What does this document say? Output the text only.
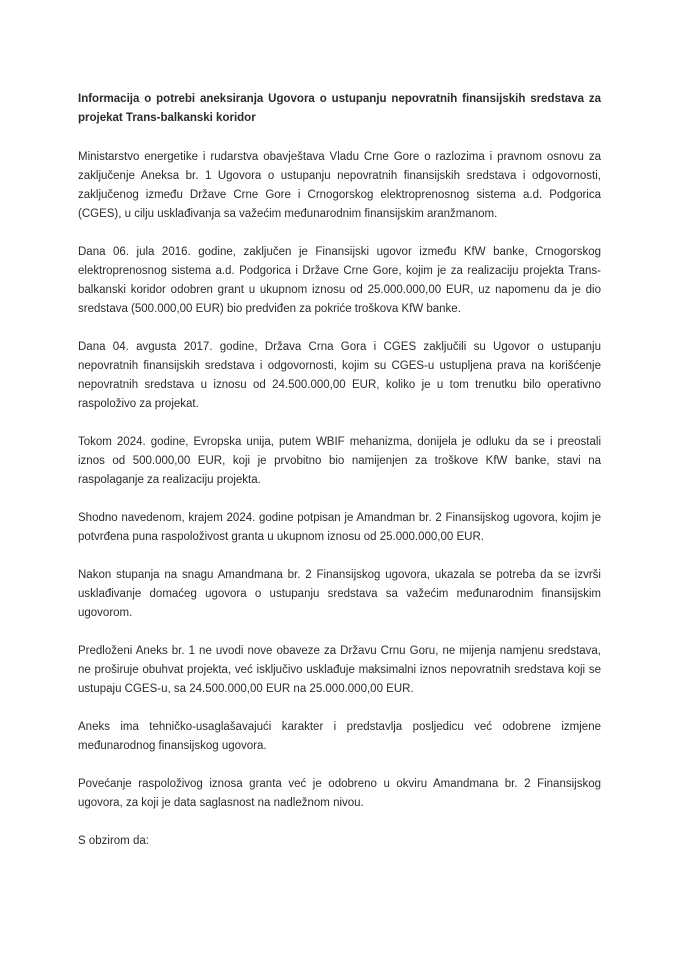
Informacija o potrebi aneksiranja Ugovora o ustupanju nepovratnih finansijskih sredstava za projekat Trans-balkanski koridor

Ministarstvo energetike i rudarstva obavještava Vladu Crne Gore o razlozima i pravnom osnovu za zaključenje Aneksa br. 1 Ugovora o ustupanju nepovratnih finansijskih sredstava i odgovornosti, zaključenog između Države Crne Gore i Crnogorskog elektroprenosnog sistema a.d. Podgorica (CGES), u cilju usklađivanja sa važećim međunarodnim finansijskim aranžmanom.

Dana 06. jula 2016. godine, zaključen je Finansijski ugovor između KfW banke, Crnogorskog elektroprenosnog sistema a.d. Podgorica i Države Crne Gore, kojim je za realizaciju projekta Trans-balkanski koridor odobren grant u ukupnom iznosu od 25.000.000,00 EUR, uz napomenu da je dio sredstava (500.000,00 EUR) bio predviđen za pokriće troškova KfW banke.

Dana 04. avgusta 2017. godine, Država Crna Gora i CGES zaključili su Ugovor o ustupanju nepovratnih finansijskih sredstava i odgovornosti, kojim su CGES-u ustupljena prava na korišćenje nepovratnih sredstava u iznosu od 24.500.000,00 EUR, koliko je u tom trenutku bilo operativno raspoloživo za projekat.

Tokom 2024. godine, Evropska unija, putem WBIF mehanizma, donijela je odluku da se i preostali iznos od 500.000,00 EUR, koji je prvobitno bio namijenjen za troškove KfW banke, stavi na raspolaganje za realizaciju projekta.

Shodno navedenom, krajem 2024. godine potpisan je Amandman br. 2 Finansijskog ugovora, kojim je potvrđena puna raspoloživost granta u ukupnom iznosu od 25.000.000,00 EUR.

Nakon stupanja na snagu Amandmana br. 2 Finansijskog ugovora, ukazala se potreba da se izvrši usklađivanje domaćeg ugovora o ustupanju sredstava sa važećim međunarodnim finansijskim ugovorom.

Predloženi Aneks br. 1 ne uvodi nove obaveze za Državu Crnu Goru, ne mijenja namjenu sredstava, ne proširuje obuhvat projekta, već isključivo usklađuje maksimalni iznos nepovratnih sredstava koji se ustupaju CGES-u, sa 24.500.000,00 EUR na 25.000.000,00 EUR.

Aneks ima tehničko-usaglašavajući karakter i predstavlja posljedicu već odobrene izmjene međunarodnog finansijskog ugovora.

Povećanje raspoloživog iznosa granta već je odobreno u okviru Amandmana br. 2 Finansijskog ugovora, za koji je data saglasnost na nadležnom nivou.

S obzirom da:
